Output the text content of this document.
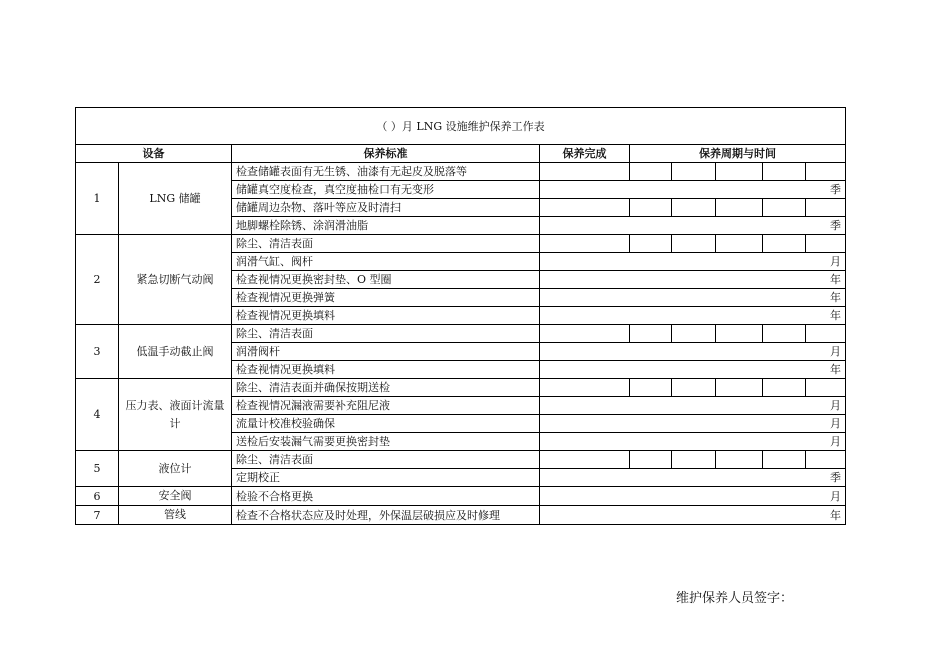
（ ）月 LNG 设施维护保养工作表								
设备		保养标准	保养完成	保养周期与时间				
1	LNG 储罐	检查储罐表面有无生锈、油漆有无起皮及脱落等						
		储罐真空度检查，真空度抽检口有无变形	季					
		储罐周边杂物、落叶等应及时清扫						
		地脚螺栓除锈、涂润滑油脂	季					
2	紧急切断气动阀	除尘、清洁表面						
		润滑气缸、阀杆	月					
		检查视情况更换密封垫、O 型圈	年					
		检查视情况更换弹簧	年					
		检查视情况更换填料	年					
3	低温手动截止阀	除尘、清洁表面						
		润滑阀杆	月					
		检查视情况更换填料	年					
4	压力表、液面计流量计	除尘、清洁表面并确保按期送检						
		检查视情况漏液需要补充阻尼液	月					
		流量计校准校验确保	月					
		送检后安装漏气需要更换密封垫	月					
5	液位计	除尘、清洁表面						
		定期校正	季					
6	安全阀	检验不合格更换	月					
7	管线	检查不合格状态应及时处理，外保温层破损应及时修理	年					
维护保养人员签字：
